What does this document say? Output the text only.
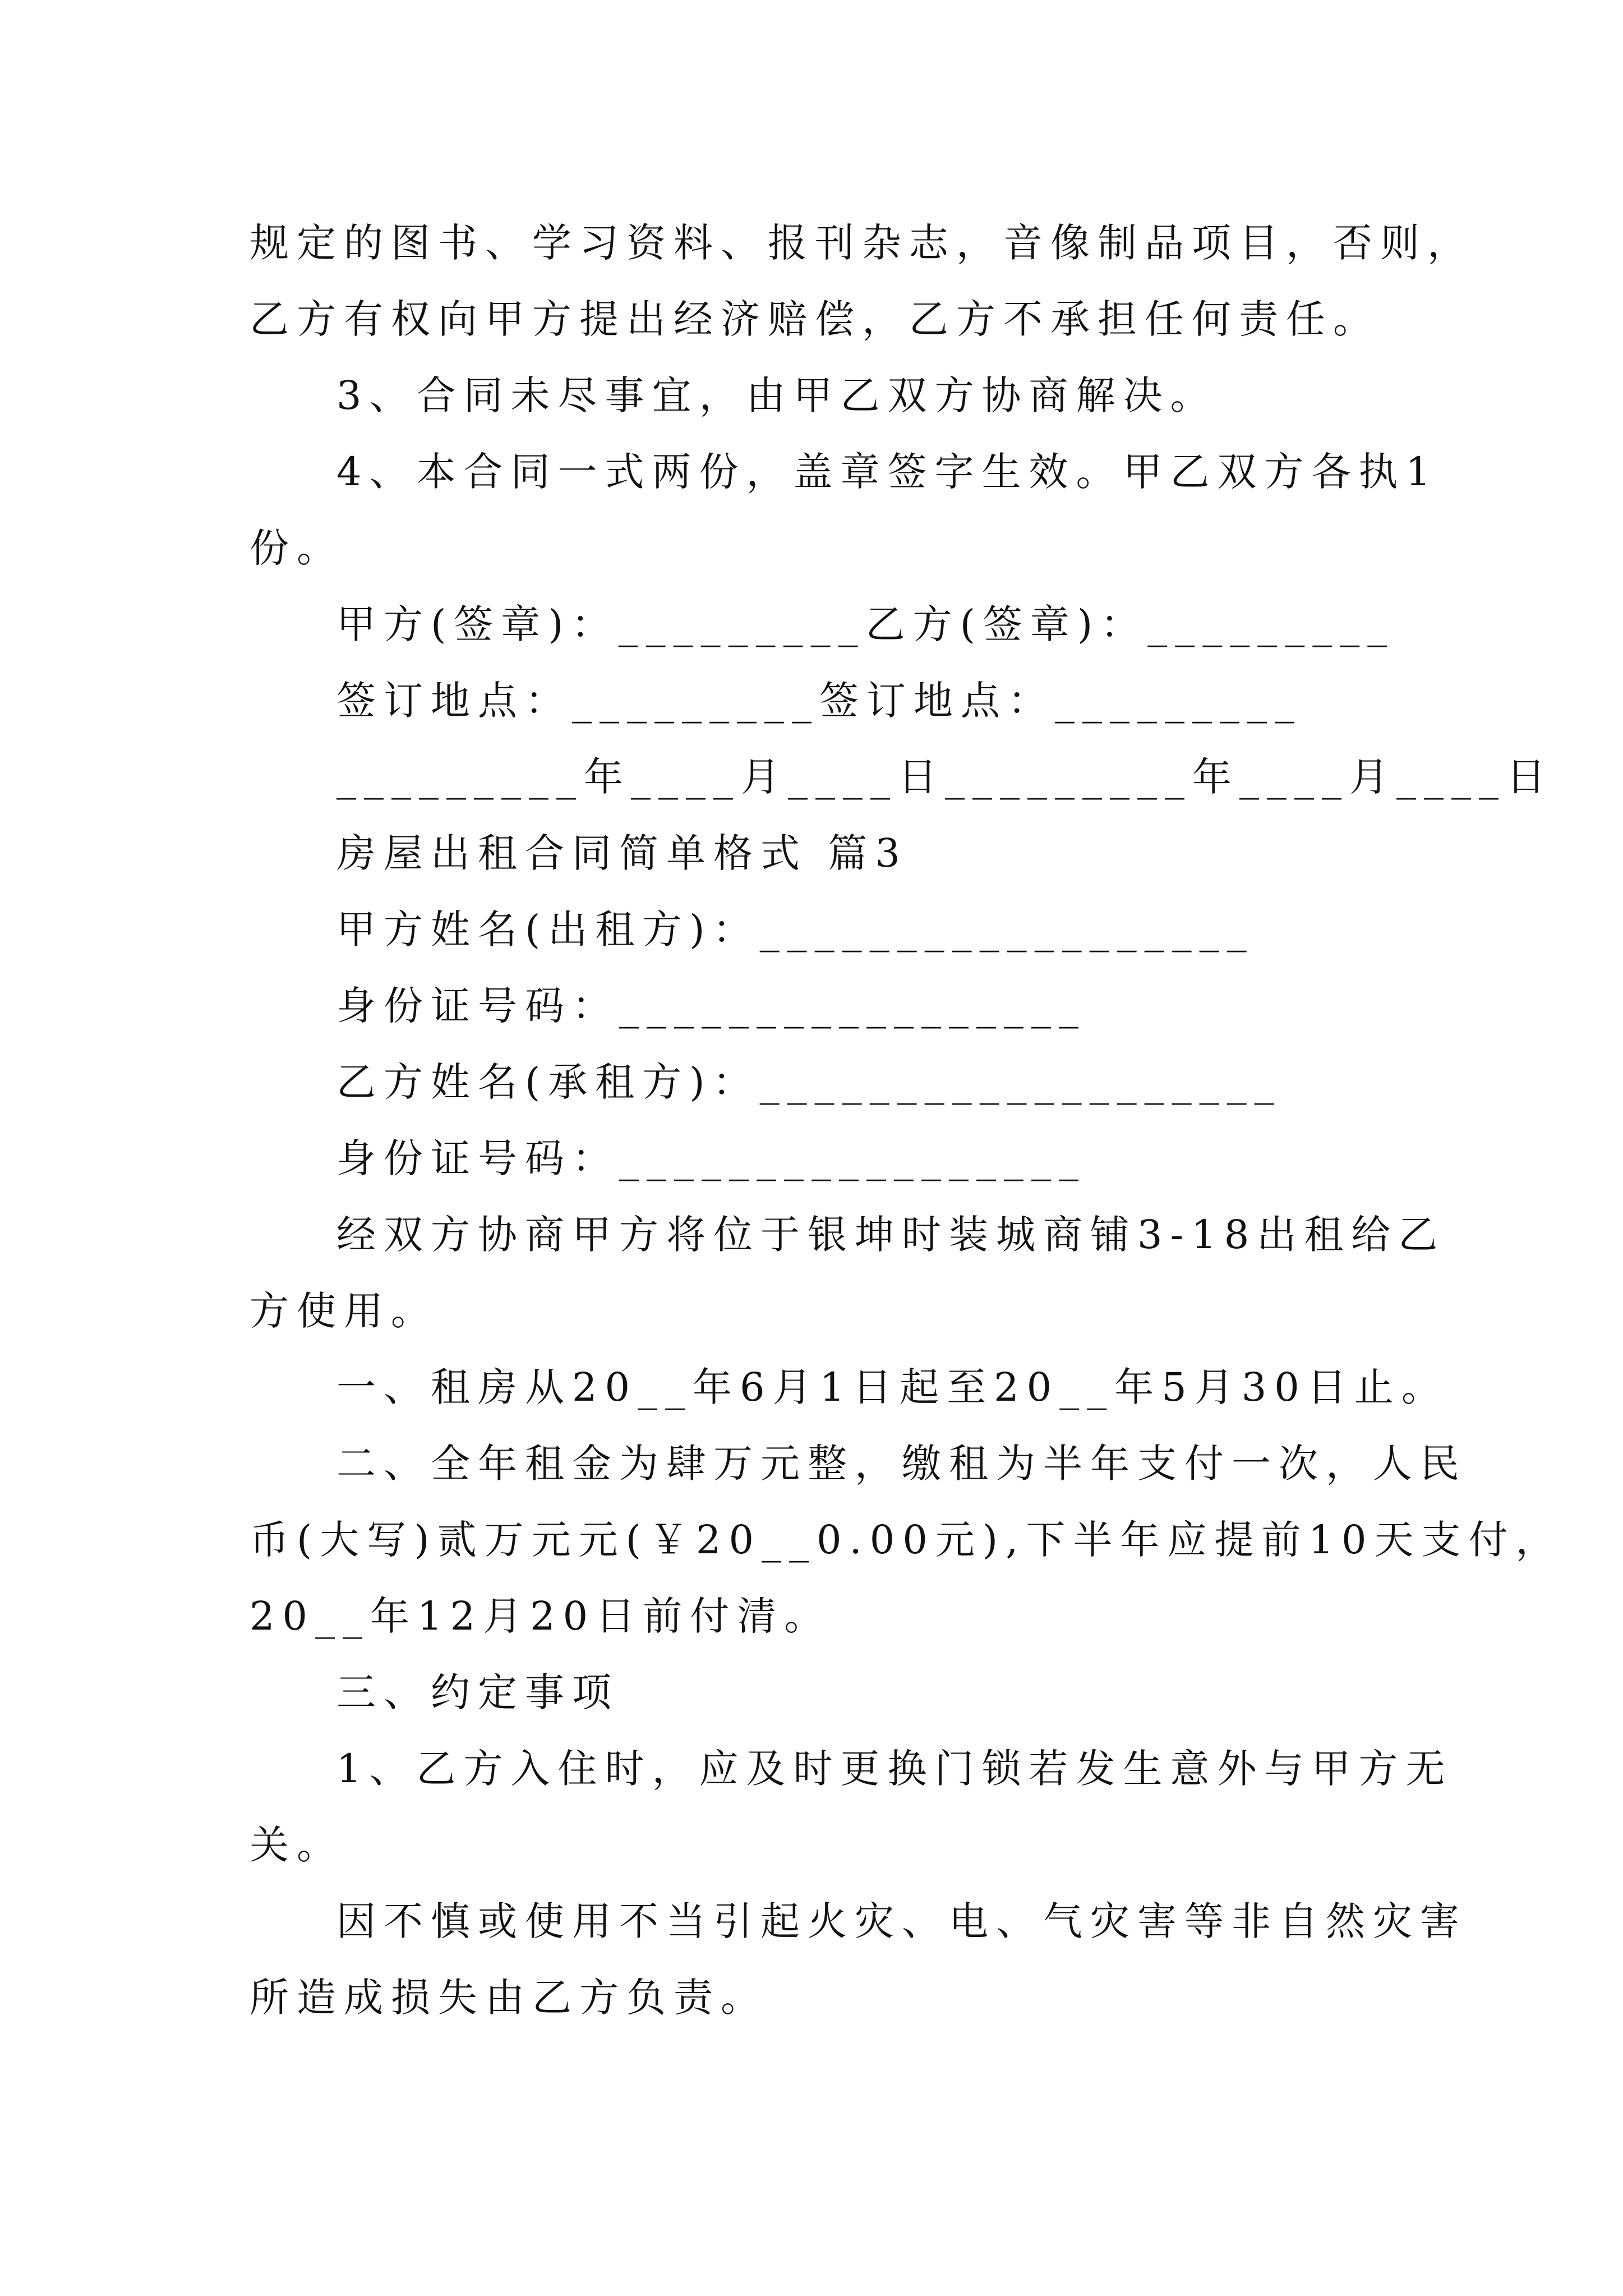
规定的图书、学习资料、报刊杂志，音像制品项目，否则，
乙方有权向甲方提出经济赔偿，乙方不承担任何责任。
3、合同未尽事宜，由甲乙双方协商解决。
4、本合同一式两份，盖章签字生效。甲乙双方各执1
份。
甲方(签章)：_________乙方(签章)：_________
签订地点：_________签订地点：_________
_________年____月____日_________年____月____日
房屋出租合同简单格式 篇3
甲方姓名(出租方)：__________________
身份证号码：_________________
乙方姓名(承租方)：___________________
身份证号码：_________________
经双方协商甲方将位于银坤时装城商铺3-18出租给乙
方使用。
一、租房从20__年6月1日起至20__年5月30日止。
二、全年租金为肆万元整，缴租为半年支付一次，人民
币(大写)贰万元元(￥20__0.00元),下半年应提前10天支付，
20__年12月20日前付清。
三、约定事项
1、乙方入住时，应及时更换门锁若发生意外与甲方无
关。
因不慎或使用不当引起火灾、电、气灾害等非自然灾害
所造成损失由乙方负责。
